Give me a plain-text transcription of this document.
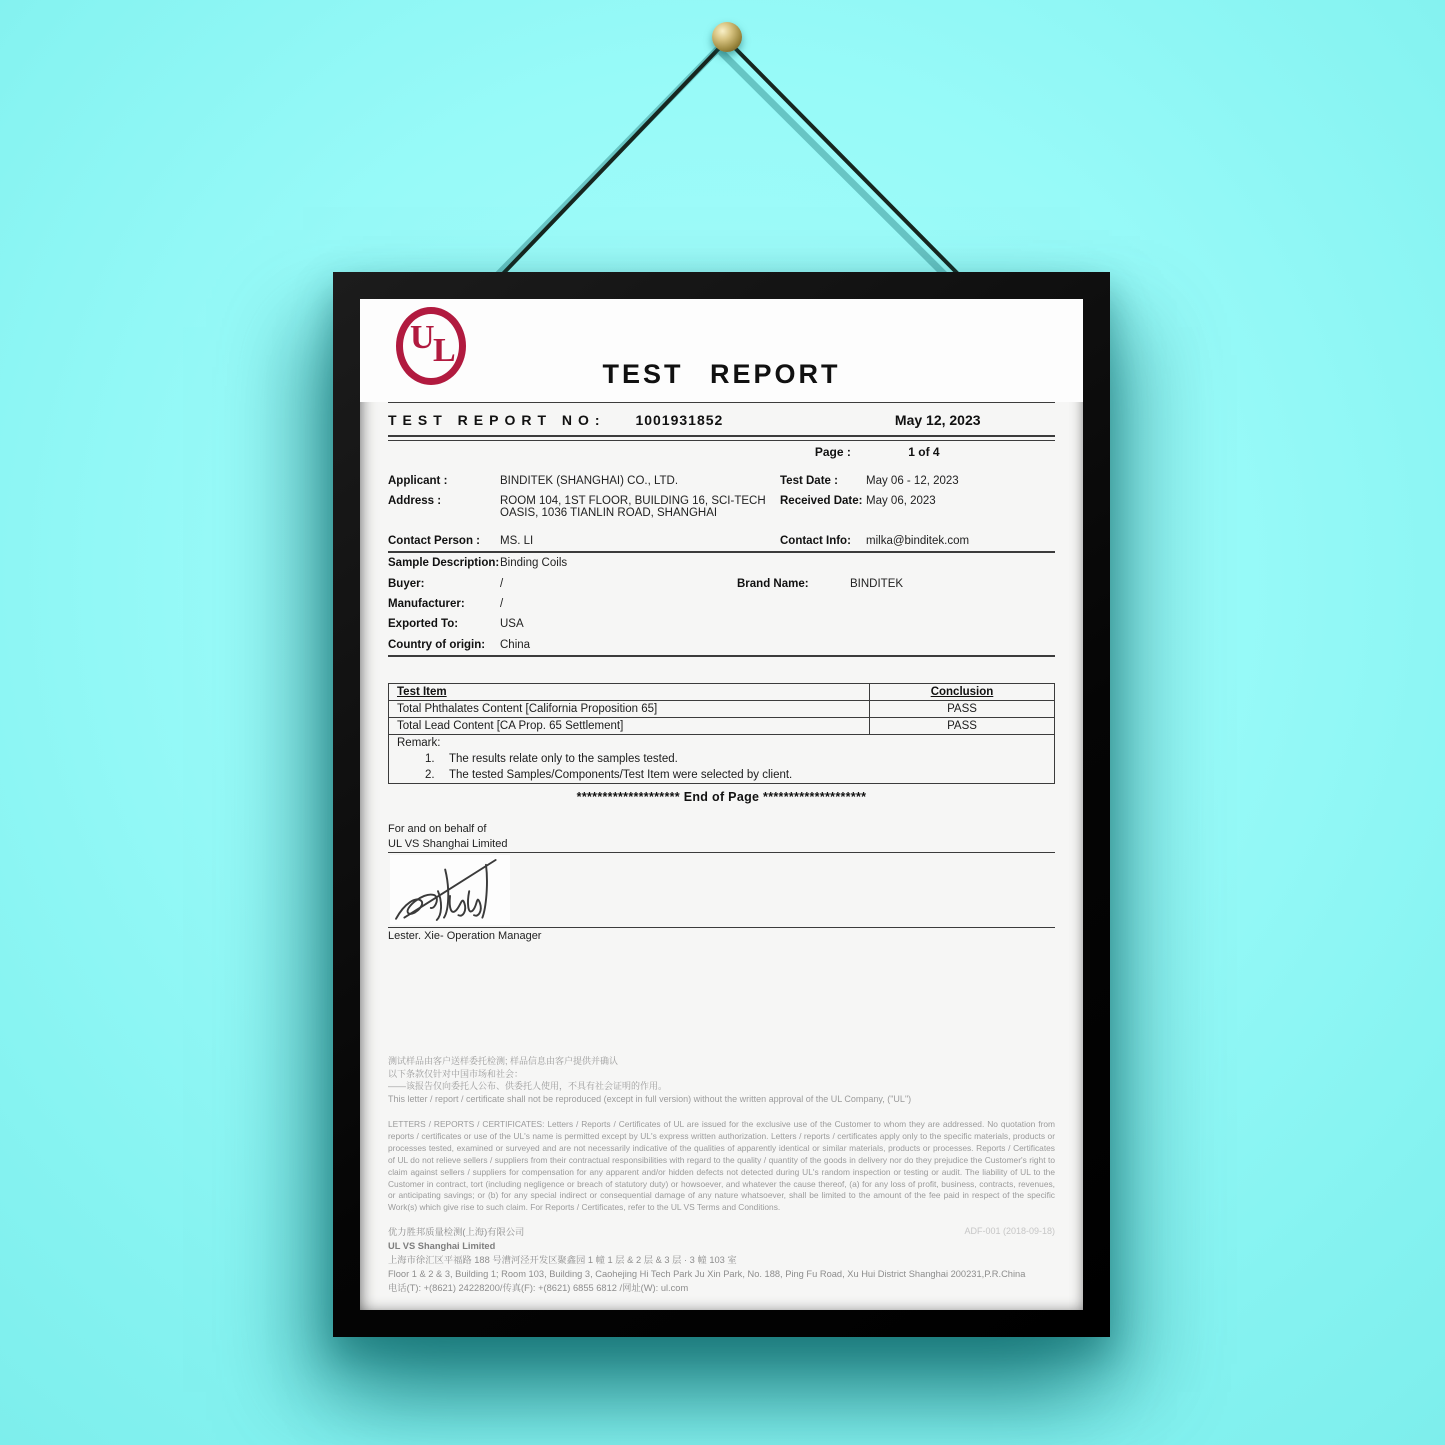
U
L
TEST REPORT
TEST REPORT NO: 1001931852	May 12, 2023
Page :	1 of 4
Applicant :	BINDITEK (SHANGHAI) CO., LTD.	Test Date :	May 06 - 12, 2023
Address :	ROOM 104, 1ST FLOOR, BUILDING 16, SCI-TECH OASIS, 1036 TIANLIN ROAD, SHANGHAI
Received Date: May 06, 2023
Contact Person :	MS. LI	Contact Info:	milka@binditek.com
Sample Description: Binding Coils
Buyer:	/	Brand Name:	BINDITEK
Manufacturer:	/
Exported To:	USA
Country of origin:	China
Test Item	Conclusion
Total Phthalates Content [California Proposition 65]	PASS
Total Lead Content [CA Prop. 65 Settlement]	PASS

Remark:
1. The results relate only to the samples tested.
2. The tested Samples/Components/Test Item were selected by client.	
******************** End of Page ********************
For and on behalf of
UL VS Shanghai Limited
Lester. Xie- Operation Manager
测试样品由客户送样委托检测; 样品信息由客户提供并确认
以下条款仅针对中国市场和社会：
——该报告仅向委托人公布、供委托人使用，不具有社会证明的作用。
This letter / report / certificate shall not be reproduced (except in full version) without the written approval of the UL Company, ("UL")
LETTERS / REPORTS / CERTIFICATES: Letters / Reports / Certificates of UL are issued for the exclusive use of the Customer to whom they are addressed. No quotation from reports / certificates or use of the UL's name is permitted except by UL's express written authorization. Letters / reports / certificates apply only to the specific materials, products or processes tested, examined or surveyed and are not necessarily indicative of the qualities of apparently identical or similar materials, products or processes. Reports / Certificates of UL do not relieve sellers / suppliers from their contractual responsibilities with regard to the quality / quantity of the goods in delivery nor do they prejudice the Customer's right to claim against sellers / suppliers for compensation for any apparent and/or hidden defects not detected during UL's random inspection or testing or audit. The liability of UL to the Customer in contract, tort (including negligence or breach of statutory duty) or howsoever, and whatever the cause thereof, (a) for any loss of profit, business, contracts, revenues, or anticipating savings; or (b) for any special indirect or consequential damage of any nature whatsoever, shall be limited to the amount of the fee paid in respect of the specific Work(s) which give rise to such claim. For Reports / Certificates, refer to the UL VS Terms and Conditions.
ADF-001 (2018-09-18)
优力胜邦质量检测(上海)有限公司
UL VS Shanghai Limited
上海市徐汇区平福路 188 号漕河泾开发区聚鑫园 1 幢 1 层 & 2 层 & 3 层 · 3 幢 103 室
Floor 1 & 2 & 3, Building 1; Room 103, Building 3, Caohejing Hi Tech Park Ju Xin Park, No. 188, Ping Fu Road, Xu Hui District Shanghai 200231,P.R.China
电话(T): +(8621) 24228200/传真(F): +(8621) 6855 6812 /网址(W): ul.com
